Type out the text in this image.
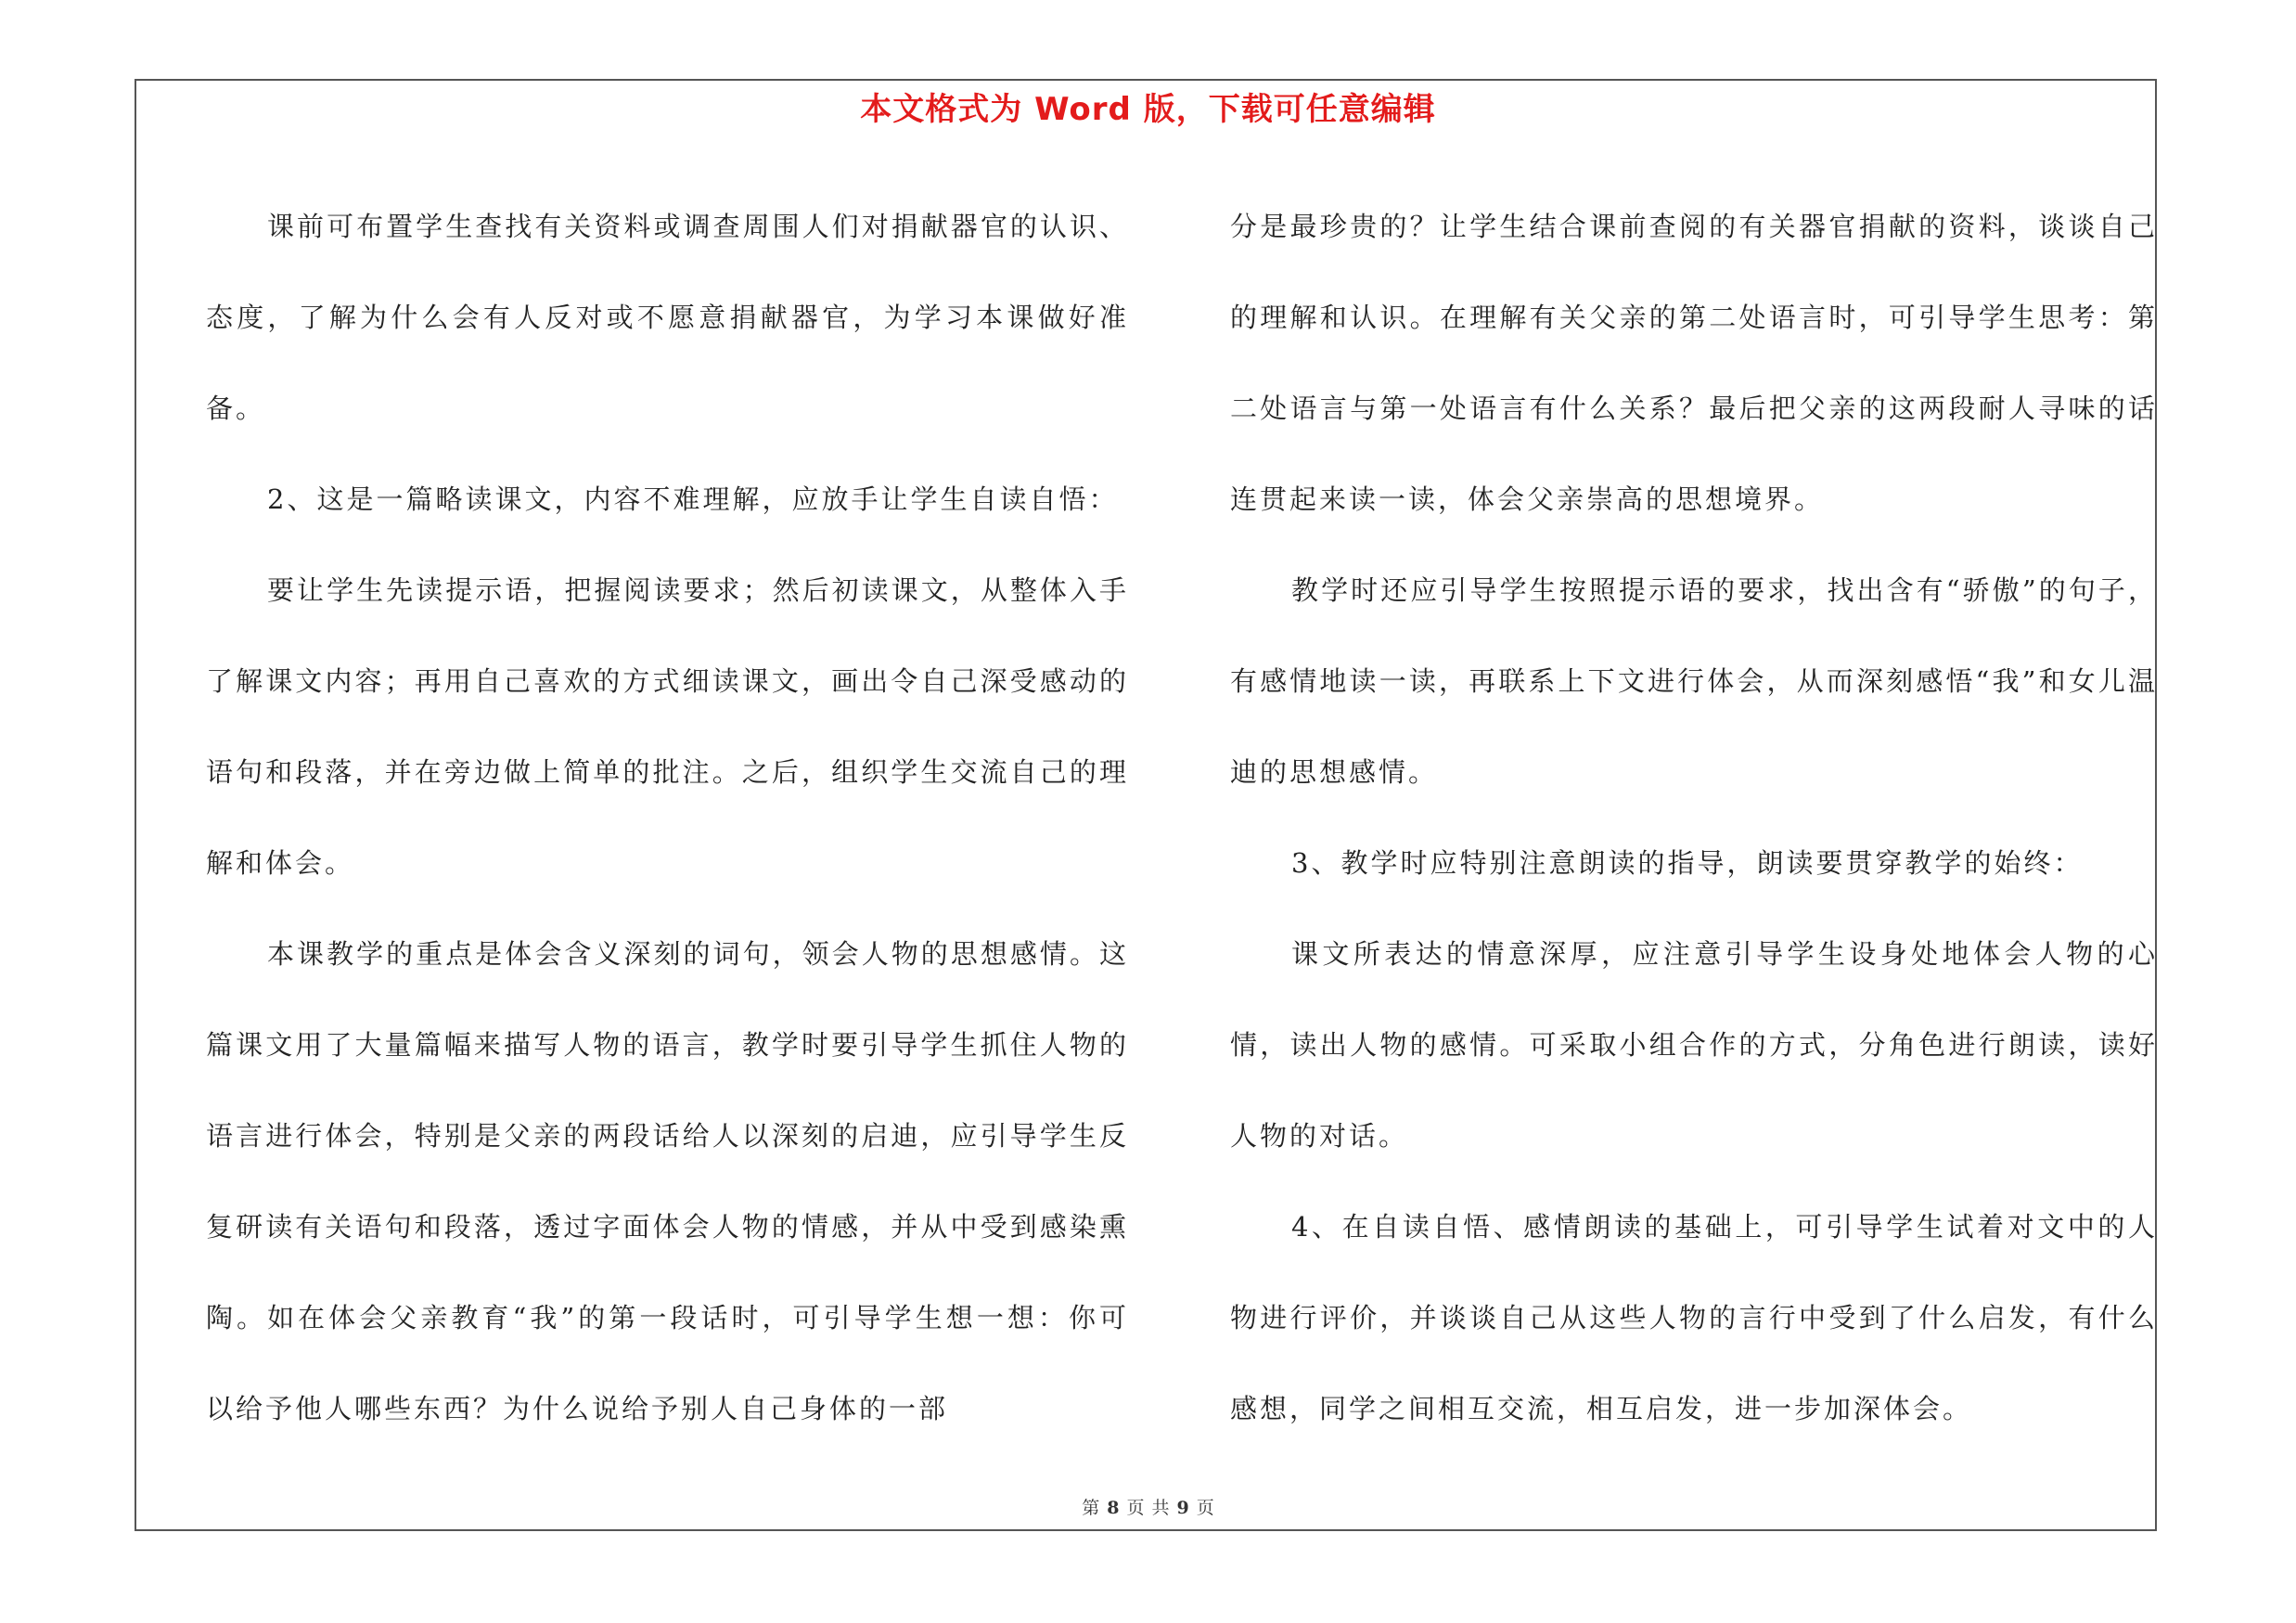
本文格式为 Word 版，下载可任意编辑

课前可布置学生查找有关资料或调查周围人们对捐献器官的认识、态度，了解为什么会有人反对或不愿意捐献器官，为学习本课做好准备。

2、这是一篇略读课文，内容不难理解，应放手让学生自读自悟：

要让学生先读提示语，把握阅读要求；然后初读课文，从整体入手了解课文内容；再用自己喜欢的方式细读课文，画出令自己深受感动的语句和段落，并在旁边做上简单的批注。之后，组织学生交流自己的理解和体会。

本课教学的重点是体会含义深刻的词句，领会人物的思想感情。这篇课文用了大量篇幅来描写人物的语言，教学时要引导学生抓住人物的语言进行体会，特别是父亲的两段话给人以深刻的启迪，应引导学生反复研读有关语句和段落，透过字面体会人物的情感，并从中受到感染熏陶。如在体会父亲教育“我”的第一段话时，可引导学生想一想：你可以给予他人哪些东西？为什么说给予别人自己身体的一部

分是最珍贵的？让学生结合课前查阅的有关器官捐献的资料，谈谈自己的理解和认识。在理解有关父亲的第二处语言时，可引导学生思考：第二处语言与第一处语言有什么关系？最后把父亲的这两段耐人寻味的话连贯起来读一读，体会父亲崇高的思想境界。

教学时还应引导学生按照提示语的要求，找出含有“骄傲”的句子，有感情地读一读，再联系上下文进行体会，从而深刻感悟“我”和女儿温迪的思想感情。

3、教学时应特别注意朗读的指导，朗读要贯穿教学的始终：

课文所表达的情意深厚，应注意引导学生设身处地体会人物的心情，读出人物的感情。可采取小组合作的方式，分角色进行朗读，读好人物的对话。

4、在自读自悟、感情朗读的基础上，可引导学生试着对文中的人物进行评价，并谈谈自己从这些人物的言行中受到了什么启发，有什么感想，同学之间相互交流，相互启发，进一步加深体会。

第 8 页 共 9 页
